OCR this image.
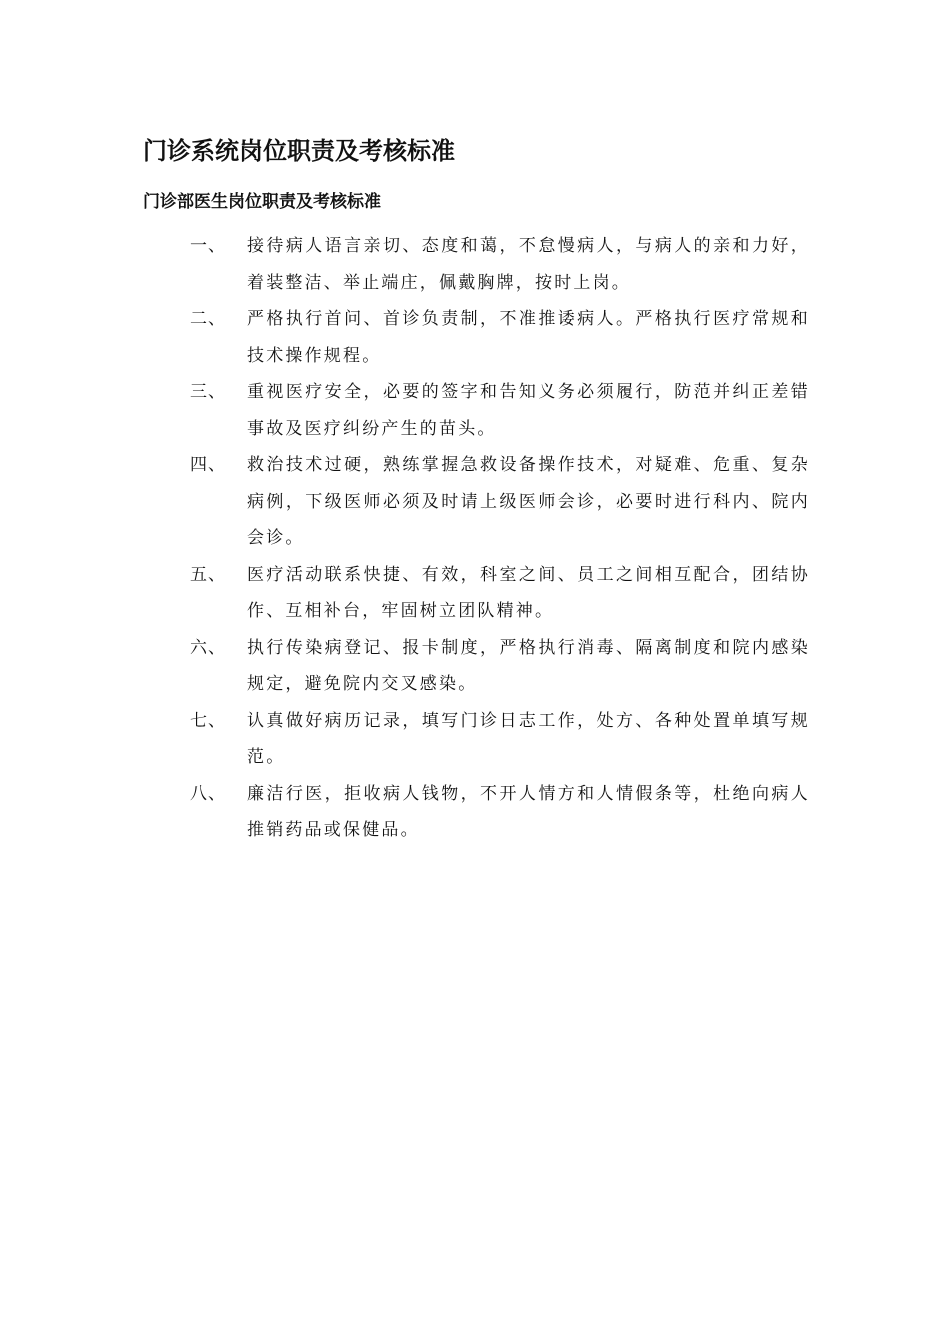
门诊系统岗位职责及考核标准
门诊部医生岗位职责及考核标准
一、	接待病人语言亲切、态度和蔼，不怠慢病人，与病人的亲和力好，着装整洁、举止端庄，佩戴胸牌，按时上岗。
二、	严格执行首问、首诊负责制，不准推诿病人。严格执行医疗常规和技术操作规程。
三、	重视医疗安全，必要的签字和告知义务必须履行，防范并纠正差错事故及医疗纠纷产生的苗头。
四、	救治技术过硬，熟练掌握急救设备操作技术，对疑难、危重、复杂病例，下级医师必须及时请上级医师会诊，必要时进行科内、院内会诊。
五、	医疗活动联系快捷、有效，科室之间、员工之间相互配合，团结协作、互相补台，牢固树立团队精神。
六、	执行传染病登记、报卡制度，严格执行消毒、隔离制度和院内感染规定，避免院内交叉感染。
七、	认真做好病历记录，填写门诊日志工作，处方、各种处置单填写规范。
八、	廉洁行医，拒收病人钱物，不开人情方和人情假条等，杜绝向病人推销药品或保健品。
